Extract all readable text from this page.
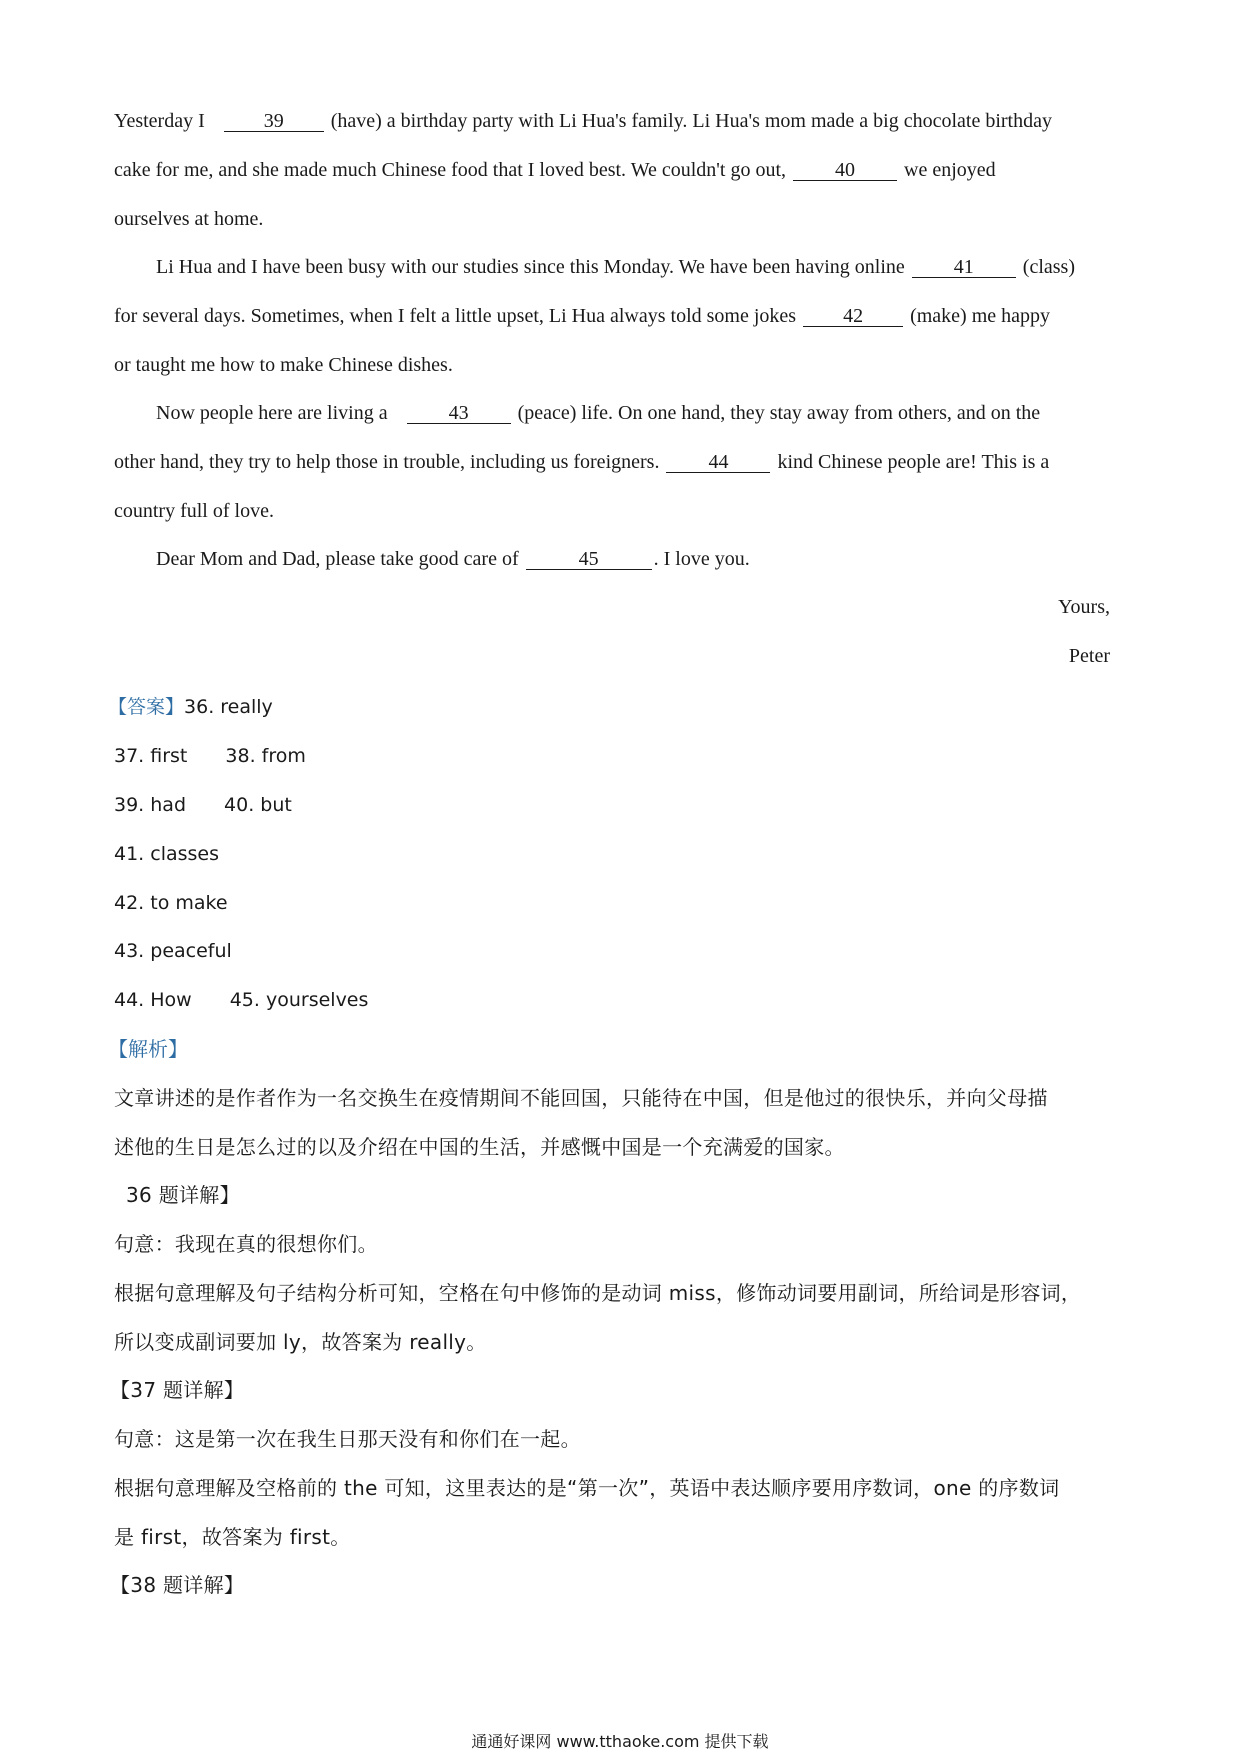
Yesterday I	39 (have) a birthday party with Li Hua's family. Li Hua's mom made a big chocolate birthday
cake for me, and she made much Chinese food that I loved best. We couldn't go out, 40 we enjoyed
ourselves at home.
Li Hua and I have been busy with our studies since this Monday. We have been having online 41 (class)
for several days. Sometimes, when I felt a little upset, Li Hua always told some jokes 42 (make) me happy
or taught me how to make Chinese dishes.
Now people here are living a	43 (peace) life. On one hand, they stay away from others, and on the
other hand, they try to help those in trouble, including us foreigners. 44 kind Chinese people are! This is a
country full of love.
Dear Mom and Dad, please take good care of	45	. I love you.
Yours,
Peter
【答案】36. really
37. first 38. from
39. had 40. but
41. classes
42. to make
43. peaceful
44. How 45. yourselves
【解析】
文章讲述的是作者作为一名交换生在疫情期间不能回国，只能待在中国，但是他过的很快乐，并向父母描
述他的生日是怎么过的以及介绍在中国的生活，并感慨中国是一个充满爱的国家。
36 题详解】
句意：我现在真的很想你们。
根据句意理解及句子结构分析可知，空格在句中修饰的是动词 miss，修饰动词要用副词，所给词是形容词，
所以变成副词要加 ly，故答案为 really。
【37 题详解】
句意：这是第一次在我生日那天没有和你们在一起。
根据句意理解及空格前的 the 可知，这里表达的是“第一次”，英语中表达顺序要用序数词，one 的序数词
是 first，故答案为 first。
【38 题详解】
通通好课网 www.tthaoke.com 提供下载
